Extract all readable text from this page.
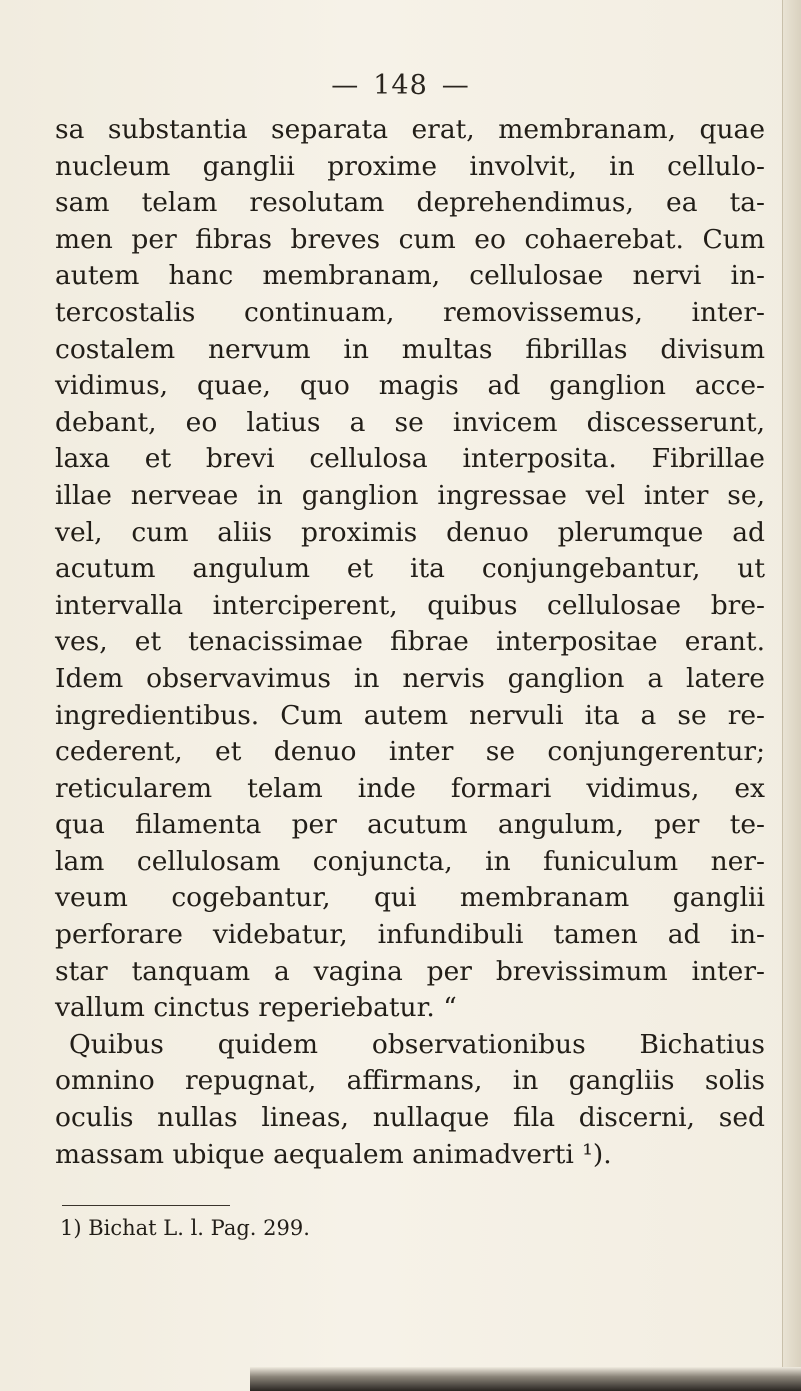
— 148 —
sa substantia separata erat, membranam, quae
nucleum ganglii proxime involvit, in cellulo-
sam telam resolutam deprehendimus, ea ta-
men per fibras breves cum eo cohaerebat. Cum
autem hanc membranam, cellulosae nervi in-
tercostalis continuam, removissemus, inter-
costalem nervum in multas fibrillas divisum
vidimus, quae, quo magis ad ganglion acce-
debant, eo latius a se invicem discesserunt,
laxa et brevi cellulosa interposita. Fibrillae
illae nerveae in ganglion ingressae vel inter se,
vel, cum aliis proximis denuo plerumque ad
acutum angulum et ita conjungebantur, ut
intervalla interciperent, quibus cellulosae bre-
ves, et tenacissimae fibrae interpositae erant.
Idem observavimus in nervis ganglion a latere
ingredientibus. Cum autem nervuli ita a se re-
cederent, et denuo inter se conjungerentur;
reticularem telam inde formari vidimus, ex
qua filamenta per acutum angulum, per te-
lam cellulosam conjuncta, in funiculum ner-
veum cogebantur, qui membranam ganglii
perforare videbatur, infundibuli tamen ad in-
star tanquam a vagina per brevissimum inter-
vallum cinctus reperiebatur. “
Quibus quidem observationibus Bichatius
omnino repugnat, affirmans, in gangliis solis
oculis nullas lineas, nullaque fila discerni, sed
massam ubique aequalem animadverti ¹).
1) Bichat L. l. Pag. 299.
